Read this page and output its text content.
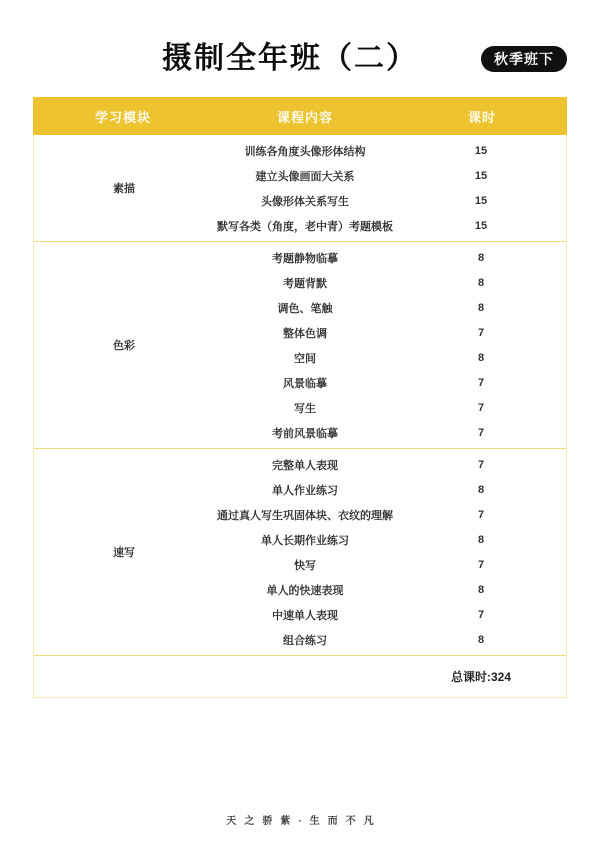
摄制全年班（二）	秋季班下
学习模块	课程内容	课时
素描
训练各角度头像形体结构	15
建立头像画面大关系	15
头像形体关系写生	15
默写各类（角度，老中青）考题模板	15
色彩
考题静物临摹	8
考题背默	8
调色、笔触	8
整体色调	7
空间	8
风景临摹	7
写生	7
考前风景临摹	7
速写
完整单人表现	7
单人作业练习	8
通过真人写生巩固体块、衣纹的理解	7
单人长期作业练习	8
快写	7
单人的快速表现	8
中速单人表现	7
组合练习	8
总课时:324
天之骄紫·生而不凡
